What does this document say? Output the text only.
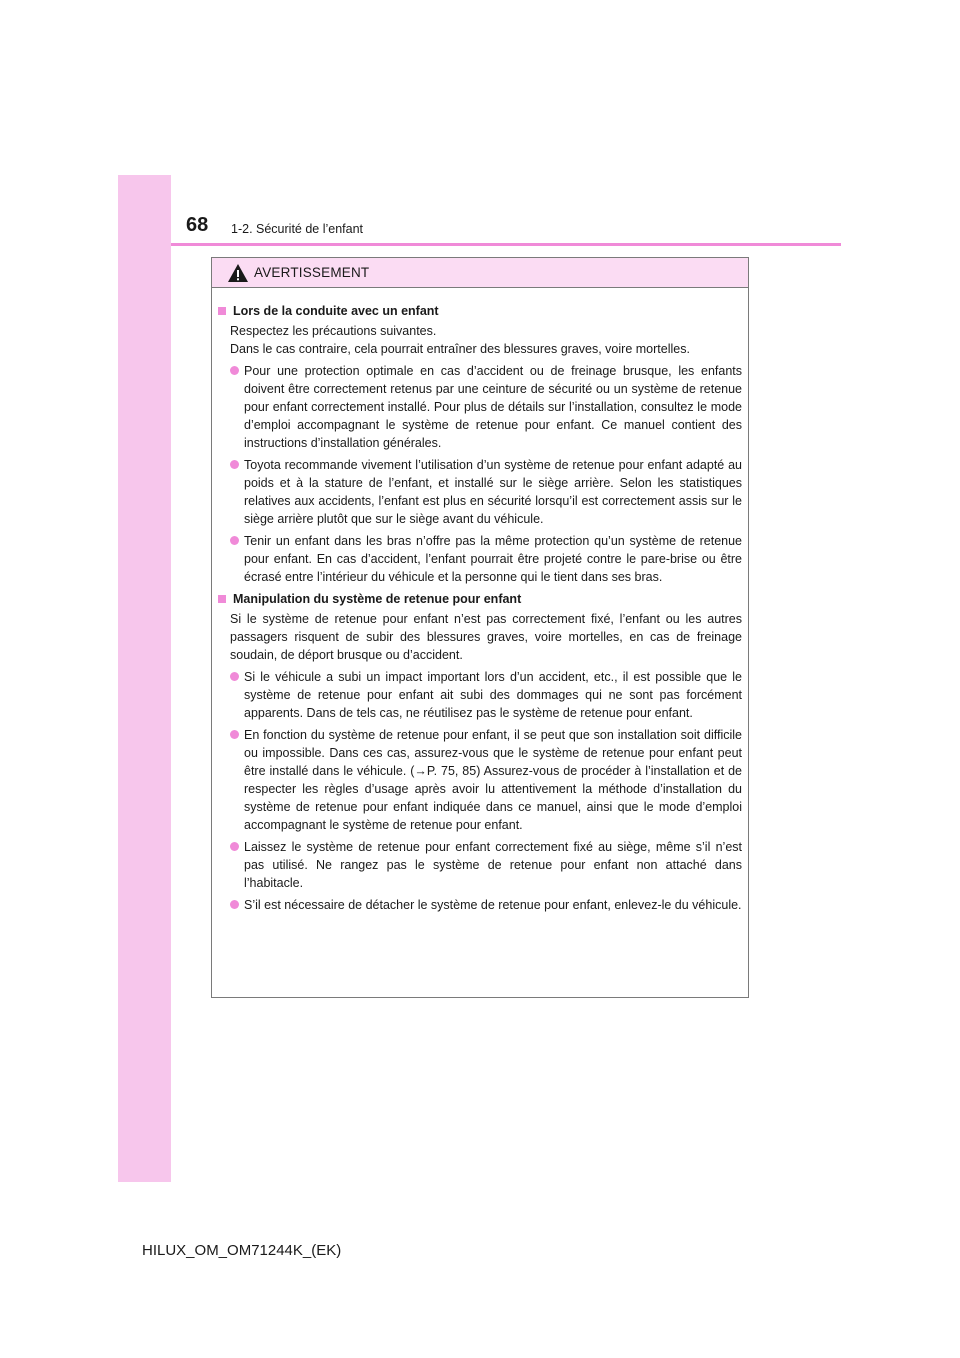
68 1-2. Sécurité de l’enfant
AVERTISSEMENT
Lors de la conduite avec un enfant
Respectez les précautions suivantes.
Dans le cas contraire, cela pourrait entraîner des blessures graves, voire mortelles.
Pour une protection optimale en cas d’accident ou de freinage brusque, les enfants doivent être correctement retenus par une ceinture de sécurité ou un système de retenue pour enfant correctement installé. Pour plus de détails sur l’installation, consultez le mode d’emploi accompagnant le système de retenue pour enfant. Ce manuel contient des instructions d’installation générales.
Toyota recommande vivement l’utilisation d’un système de retenue pour enfant adapté au poids et à la stature de l’enfant, et installé sur le siège arrière. Selon les statistiques relatives aux accidents, l’enfant est plus en sécurité lorsqu’il est correctement assis sur le siège arrière plutôt que sur le siège avant du véhicule.
Tenir un enfant dans les bras n’offre pas la même protection qu’un système de retenue pour enfant. En cas d’accident, l’enfant pourrait être projeté contre le pare-brise ou être écrasé entre l’intérieur du véhicule et la personne qui le tient dans ses bras.
Manipulation du système de retenue pour enfant
Si le système de retenue pour enfant n’est pas correctement fixé, l’enfant ou les autres passagers risquent de subir des blessures graves, voire mortelles, en cas de freinage soudain, de déport brusque ou d’accident.
Si le véhicule a subi un impact important lors d’un accident, etc., il est possible que le système de retenue pour enfant ait subi des dommages qui ne sont pas forcément apparents. Dans de tels cas, ne réutilisez pas le système de retenue pour enfant.
En fonction du système de retenue pour enfant, il se peut que son installation soit difficile ou impossible. Dans ces cas, assurez-vous que le système de retenue pour enfant peut être installé dans le véhicule. (→P. 75, 85) Assurez-vous de procéder à l’installation et de respecter les règles d’usage après avoir lu attentivement la méthode d’installation du système de retenue pour enfant indiquée dans ce manuel, ainsi que le mode d’emploi accompagnant le système de retenue pour enfant.
Laissez le système de retenue pour enfant correctement fixé au siège, même s’il n’est pas utilisé. Ne rangez pas le système de retenue pour enfant non attaché dans l’habitacle.
S’il est nécessaire de détacher le système de retenue pour enfant, enlevez-le du véhicule.
HILUX_OM_OM71244K_(EK)
